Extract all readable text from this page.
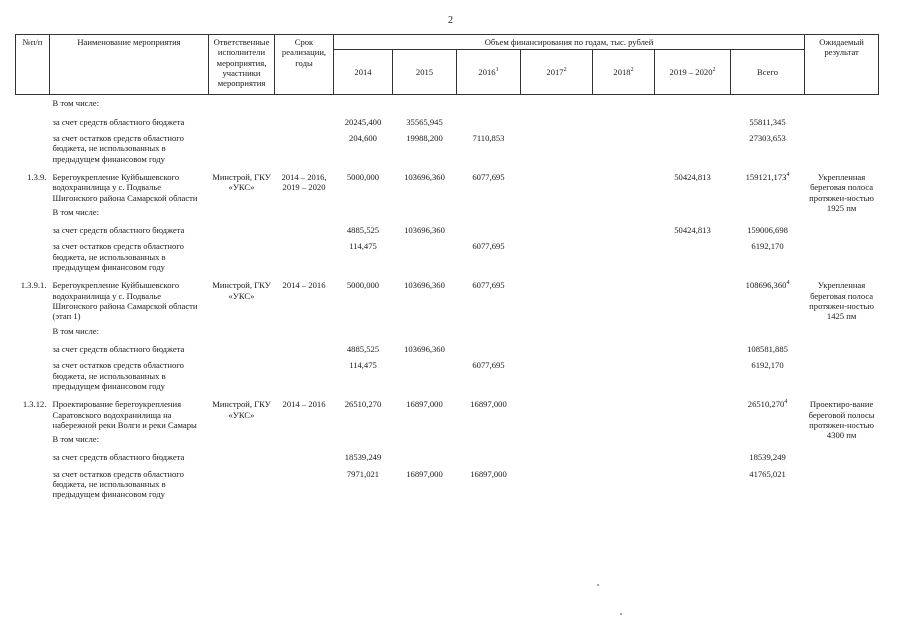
2
№п/п	Наименование мероприятия	Ответственные исполнители мероприятия, участники мероприятия	Срок реализации, годы	Объем финансирования по годам, тыс. рублей							Ожидаемый результат
				2014	2015	2016$^1$	2017$^2$	2018$^2$	2019 – 2020$^2$	Всего	
	В том числе:										
	за счет средств областного бюджета			20245,400	35565,945					55811,345	
	за счет остатков средств областного бюджета, не использованных в предыдущем финансовом году			204,600	19988,200	7110,853				27303,653	
1.3.9.	Берегоукрепление Куйбышевского водохранилища у с. Подвалье Шигонского района Самарской области	Минстрой, ГКУ «УКС»	2014 – 2016, 2019 – 2020	5000,000	103696,360	6077,695			50424,813	159121,173$^4$	Укрепленная береговая полоса протяжен-ностью 1925 пм
	В том числе:										
	за счет средств областного бюджета			4885,525	103696,360				50424,813	159006,698	
	за счет остатков средств областного бюджета, не использованных в предыдущем финансовом году			114,475		6077,695				6192,170	
1.3.9.1.	Берегоукрепление Куйбышевского водохранилища у с. Подвалье Шигонского района Самарской области (этап 1)	Минстрой, ГКУ «УКС»	2014 – 2016	5000,000	103696,360	6077,695				108696,360$^4$	Укрепленная береговая полоса протяжен-ностью 1425 пм
	В том числе:										
	за счет средств областного бюджета			4885,525	103696,360					108581,885	
	за счет остатков средств областного бюджета, не использованных в предыдущем финансовом году			114,475		6077,695				6192,170	
1.3.12.	Проектирование берегоукрепления Саратовского водохранилища на набережной реки Волги и реки Самары	Минстрой, ГКУ «УКС»	2014 – 2016	26510,270	16897,000	16897,000				26510,270$^4$	Проектиро-вание береговой полосы протяжен-ностью 4300 пм
	В том числе:										
	за счет средств областного бюджета			18539,249						18539,249	
	за счет остатков средств областного бюджета, не использованных в предыдущем финансовом году			7971,021	16897,000	16897,000				41765,021	
